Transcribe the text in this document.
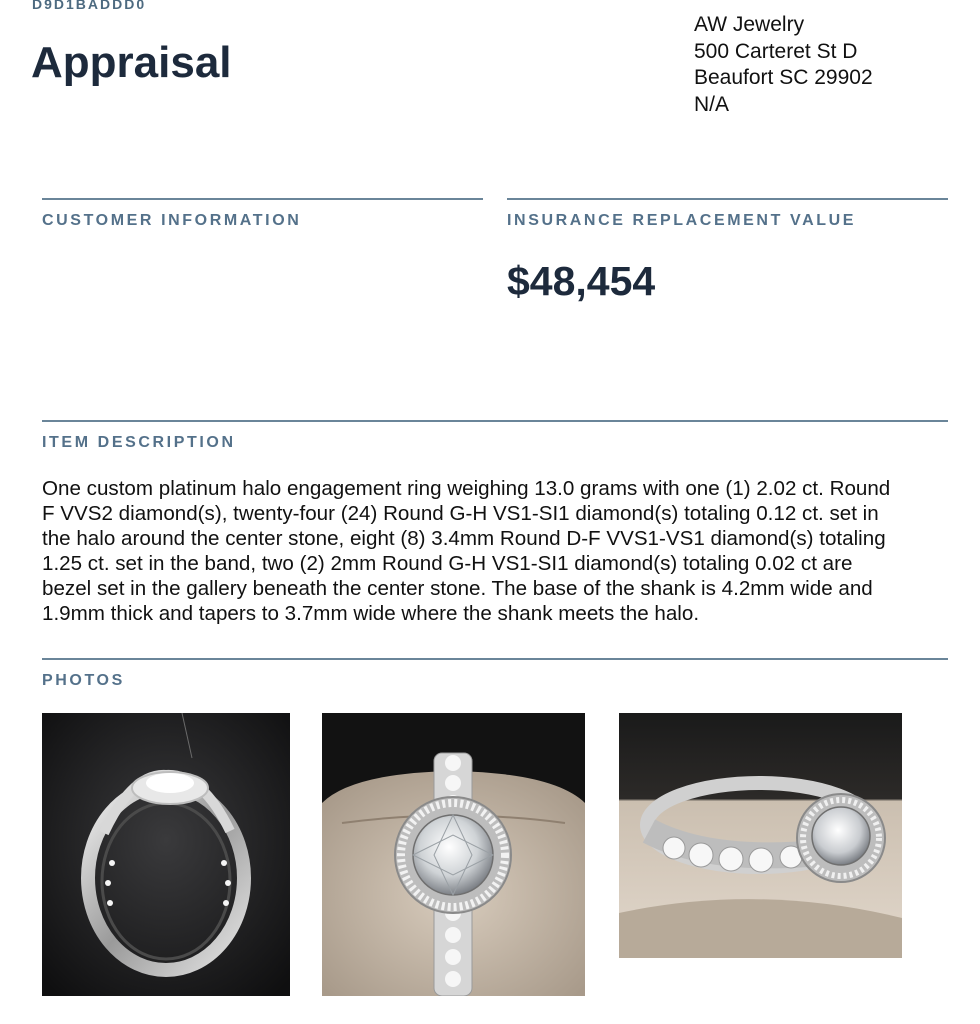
D9D1BADDD0
Appraisal
AW Jewelry
500 Carteret St D
Beaufort SC 29902
N/A
CUSTOMER INFORMATION	INSURANCE REPLACEMENT VALUE
$48,454
ITEM DESCRIPTION
One custom platinum halo engagement ring weighing 13.0 grams with one (1) 2.02 ct. Round
F VVS2 diamond(s), twenty-four (24) Round G-H VS1-SI1 diamond(s) totaling 0.12 ct. set in
the halo around the center stone, eight (8) 3.4mm Round D-F VVS1-VS1 diamond(s) totaling
1.25 ct. set in the band, two (2) 2mm Round G-H VS1-SI1 diamond(s) totaling 0.02 ct are
bezel set in the gallery beneath the center stone. The base of the shank is 4.2mm wide and
1.9mm thick and tapers to 3.7mm wide where the shank meets the halo.
PHOTOS
